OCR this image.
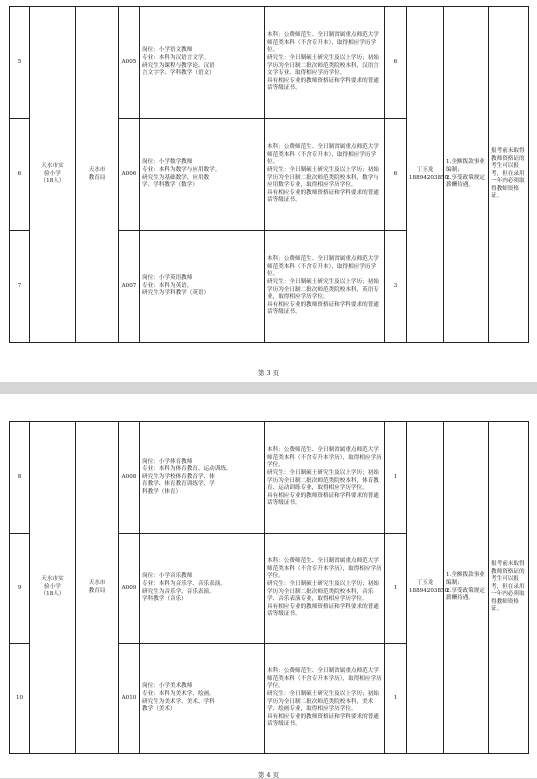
5	天水市实
验小学
（18人）	天水市
教育局	A005	岗位：小学语文教师
专业：本科为汉语言文学。
研究生为课程与教学论、汉语
言文字学、学科教学（语文）	本科：公费师范生、全日制省属重点师范大学师范类本科（不含专升本），取得相应学历学位。
研究生：全日制硕士研究生及以上学历；初始学历为全日制二批次师范类院校本科，汉语言文学专业，取得相应学历学位。
具有相应专业的教师资格证和学科要求的普通话等级证书。	6	丁玉龙
18894203850	1.全额拨款事业编制；
2.享受政策规定薪酬待遇。	报考前未取得教师资格证的考生可以报考，但在录用一年内必须取得教师资格证。
6			A006	岗位：小学数学教师
专业：本科为数学与应用数学。
研究生为基础数学、应用数
学、学科教学（数学）	本科：公费师范生、全日制省属重点师范大学师范类本科（不含专升本），取得相应学历学位。
研究生：全日制硕士研究生及以上学历；初始学历为全日制二批次师范类院校本科，数学与应用数学专业，取得相应学历学位。
具有相应专业的教师资格证和学科要求的普通话等级证书。	6			
7			A007	岗位：小学英语教师
专业：本科为英语。
研究生为学科教学（英语）	本科：公费师范生、全日制省属重点师范大学师范类本科（不含专升本），取得相应学历学位。
研究生：全日制硕士研究生及以上学历；初始学历为全日制二批次师范类院校本科，英语专业，取得相应学历学位。
具有相应专业的教师资格证和学科要求的普通话等级证书。	3			
第 3 页
8	天水市实
验小学
（18人）	天水市
教育局	A008	岗位：小学体育教师
专业：本科为体育教育、运动训练。
研究生为学校体育教育学、体
育教学、体育教育训练学、学
科教学（体育）	本科：公费师范生、全日制省属重点师范大学师范类本科（不含专升本学历），取得相应学历学位。
研究生：全日制硕士研究生及以上学历；初始学历为全日制二批次师范类院校本科，体育教育、运动训练专业，取得相应学历学位。
具有相应专业的教师资格证和学科要求的普通话等级证书。	1	丁玉龙
18894203850	1.全额拨款事业编制；
2.享受政策规定薪酬待遇。	报考前未取得教师资格证的考生可以报考，但在录用一年内必须取得教师资格证。
9			A009	岗位：小学音乐教师
专业：本科为音乐学、音乐表演。
研究生为音乐学、音乐表演、
学科教学（音乐）	本科：公费师范生、全日制省属重点师范大学师范类本科（不含专升本学历），取得相应学历学位。
研究生：全日制硕士研究生及以上学历；初始学历为全日制二批次师范类院校本科，音乐学、音乐表演专业，取得相应学历学位。
具有相应专业的教师资格证和学科要求的普通话等级证书。	1			
10			A010	岗位：小学美术教师
专业：本科为美术学、绘画。
研究生为美术学、美术、学科
教学（美术）	本科：公费师范生、全日制省属重点师范大学师范类本科（不含专升本学历），取得相应学历学位。
研究生：全日制硕士研究生及以上学历；初始学历为全日制二批次师范类院校本科，美术学、绘画专业，取得相应学历学位。
具有相应专业的教师资格证和学科要求的普通话等级证书。	1			
第 4 页
